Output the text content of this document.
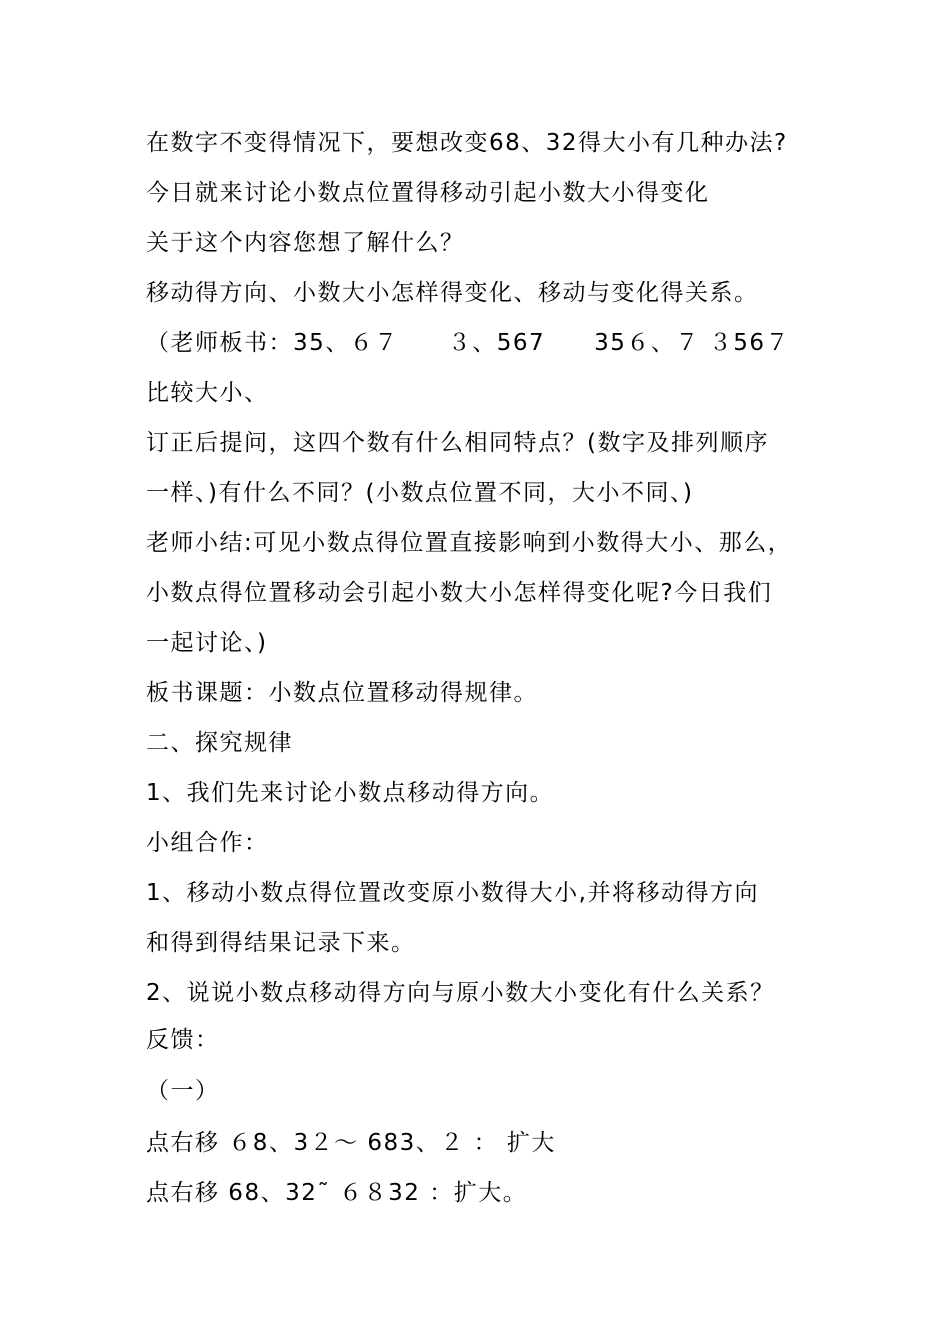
在数字不变得情况下，要想改变68、32得大小有几种办法?
今日就来讨论小数点位置得移动引起小数大小得变化
关于这个内容您想了解什么？
移动得方向、小数大小怎样得变化、移动与变化得关系。
（老师板书：35、６７　　３、567　　35６、７ ３56７
比较大小、
订正后提问，这四个数有什么相同特点？(数字及排列顺序
一样、)有什么不同？(小数点位置不同，大小不同、)
老师小结:可见小数点得位置直接影响到小数得大小、那么，
小数点得位置移动会引起小数大小怎样得变化呢?今日我们
一起讨论、)
板书课题：小数点位置移动得规律。
二、探究规律
1、我们先来讨论小数点移动得方向。
小组合作：
1、移动小数点得位置改变原小数得大小,并将移动得方向
和得到得结果记录下来。
2、说说小数点移动得方向与原小数大小变化有什么关系？
反馈：
（一）
点右移 ６8、3２～ 683、２ ： 扩大
点右移 68、32˜ ６８32 ：扩大。
